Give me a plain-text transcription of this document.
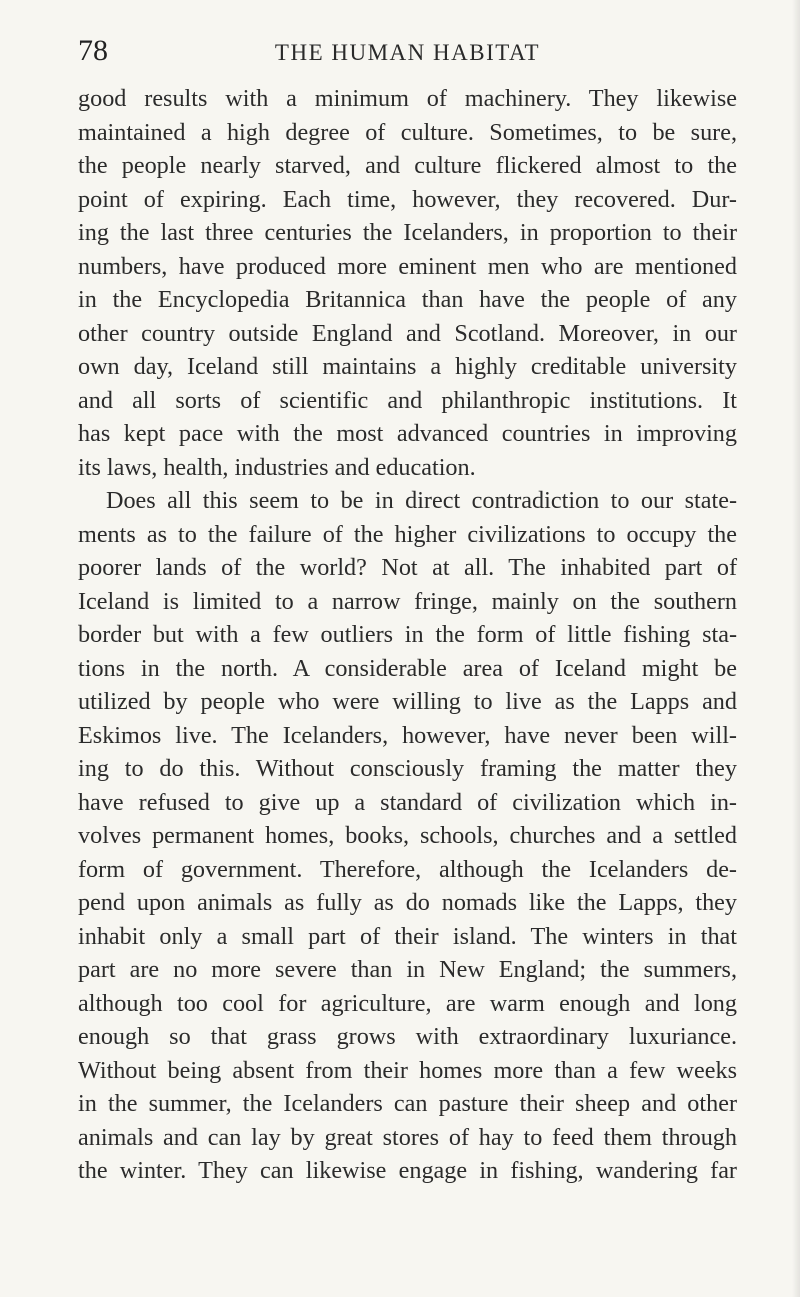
78	THE HUMAN HABITAT
good results with a minimum of machinery. They likewise
maintained a high degree of culture. Sometimes, to be sure,
the people nearly starved, and culture flickered almost to the
point of expiring. Each time, however, they recovered. Dur-
ing the last three centuries the Icelanders, in proportion to their
numbers, have produced more eminent men who are mentioned
in the Encyclopedia Britannica than have the people of any
other country outside England and Scotland. Moreover, in our
own day, Iceland still maintains a highly creditable university
and all sorts of scientific and philanthropic institutions. It
has kept pace with the most advanced countries in improving
its laws, health, industries and education.
Does all this seem to be in direct contradiction to our state-
ments as to the failure of the higher civilizations to occupy the
poorer lands of the world? Not at all. The inhabited part of
Iceland is limited to a narrow fringe, mainly on the southern
border but with a few outliers in the form of little fishing sta-
tions in the north. A considerable area of Iceland might be
utilized by people who were willing to live as the Lapps and
Eskimos live. The Icelanders, however, have never been will-
ing to do this. Without consciously framing the matter they
have refused to give up a standard of civilization which in-
volves permanent homes, books, schools, churches and a settled
form of government. Therefore, although the Icelanders de-
pend upon animals as fully as do nomads like the Lapps, they
inhabit only a small part of their island. The winters in that
part are no more severe than in New England; the summers,
although too cool for agriculture, are warm enough and long
enough so that grass grows with extraordinary luxuriance.
Without being absent from their homes more than a few weeks
in the summer, the Icelanders can pasture their sheep and other
animals and can lay by great stores of hay to feed them through
the winter. They can likewise engage in fishing, wandering far
